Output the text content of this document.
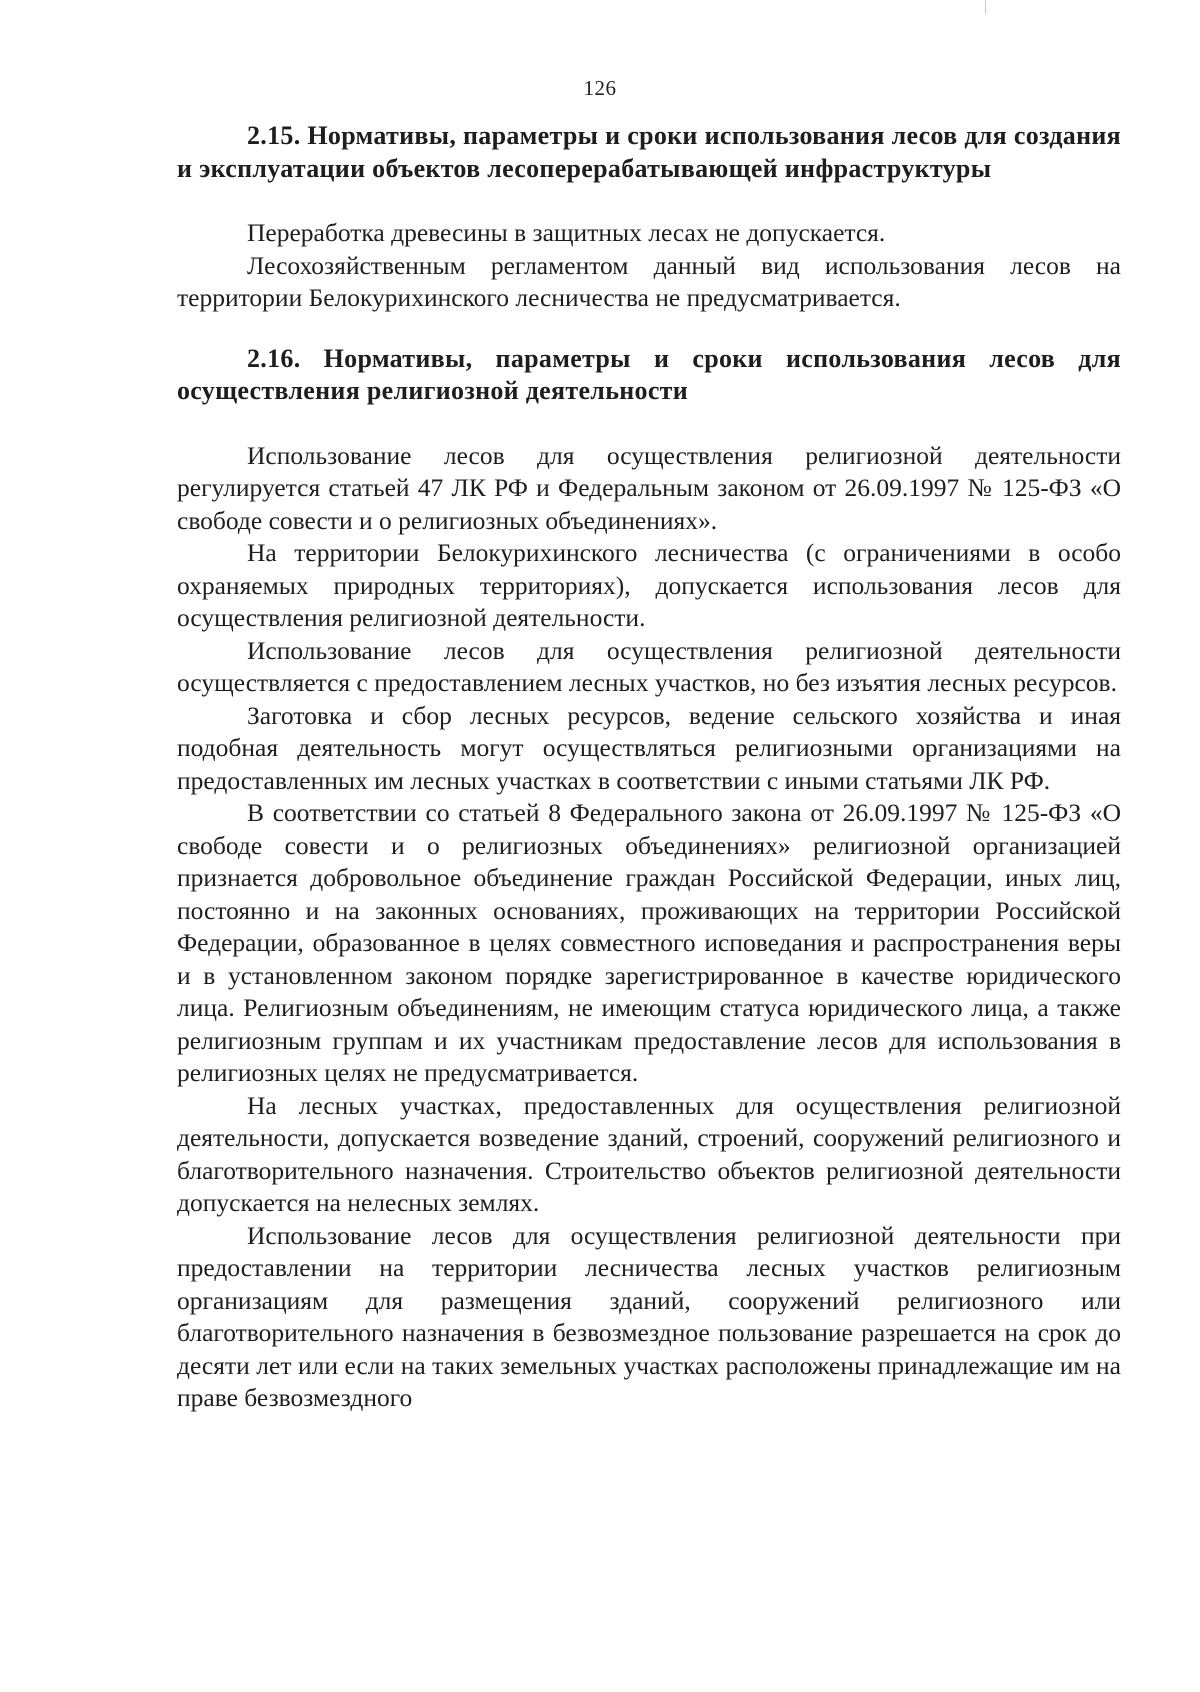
126

2.15. Нормативы, параметры и сроки использования лесов для создания и эксплуатации объектов лесоперерабатывающей инфраструктуры

Переработка древесины в защитных лесах не допускается.

Лесохозяйственным регламентом данный вид использования лесов на территории Белокурихинского лесничества не предусматривается.

2.16. Нормативы, параметры и сроки использования лесов для осуществления религиозной деятельности

Использование лесов для осуществления религиозной деятельности регулируется статьей 47 ЛК РФ и Федеральным законом от 26.09.1997 № 125-ФЗ «О свободе совести и о религиозных объединениях».

На территории Белокурихинского лесничества (с ограничениями в особо охраняемых природных территориях), допускается использования лесов для осуществления религиозной деятельности.

Использование лесов для осуществления религиозной деятельности осуществляется с предоставлением лесных участков, но без изъятия лесных ресурсов.

Заготовка и сбор лесных ресурсов, ведение сельского хозяйства и иная подобная деятельность могут осуществляться религиозными организациями на предоставленных им лесных участках в соответствии с иными статьями ЛК РФ.

В соответствии со статьей 8 Федерального закона от 26.09.1997 № 125-ФЗ «О свободе совести и о религиозных объединениях» религиозной организацией признается добровольное объединение граждан Российской Федерации, иных лиц, постоянно и на законных основаниях, проживающих на территории Российской Федерации, образованное в целях совместного исповедания и распространения веры и в установленном законом порядке зарегистрированное в качестве юридического лица. Религиозным объединениям, не имеющим статуса юридического лица, а также религиозным группам и их участникам предоставление лесов для использования в религиозных целях не предусматривается.

На лесных участках, предоставленных для осуществления религиозной деятельности, допускается возведение зданий, строений, сооружений религиозного и благотворительного назначения. Строительство объектов религиозной деятельности допускается на нелесных землях.

Использование лесов для осуществления религиозной деятельности при предоставлении на территории лесничества лесных участков религиозным организациям для размещения зданий, сооружений религиозного или благотворительного назначения в безвозмездное пользование разрешается на срок до десяти лет или если на таких земельных участках расположены принадлежащие им на праве безвозмездного
